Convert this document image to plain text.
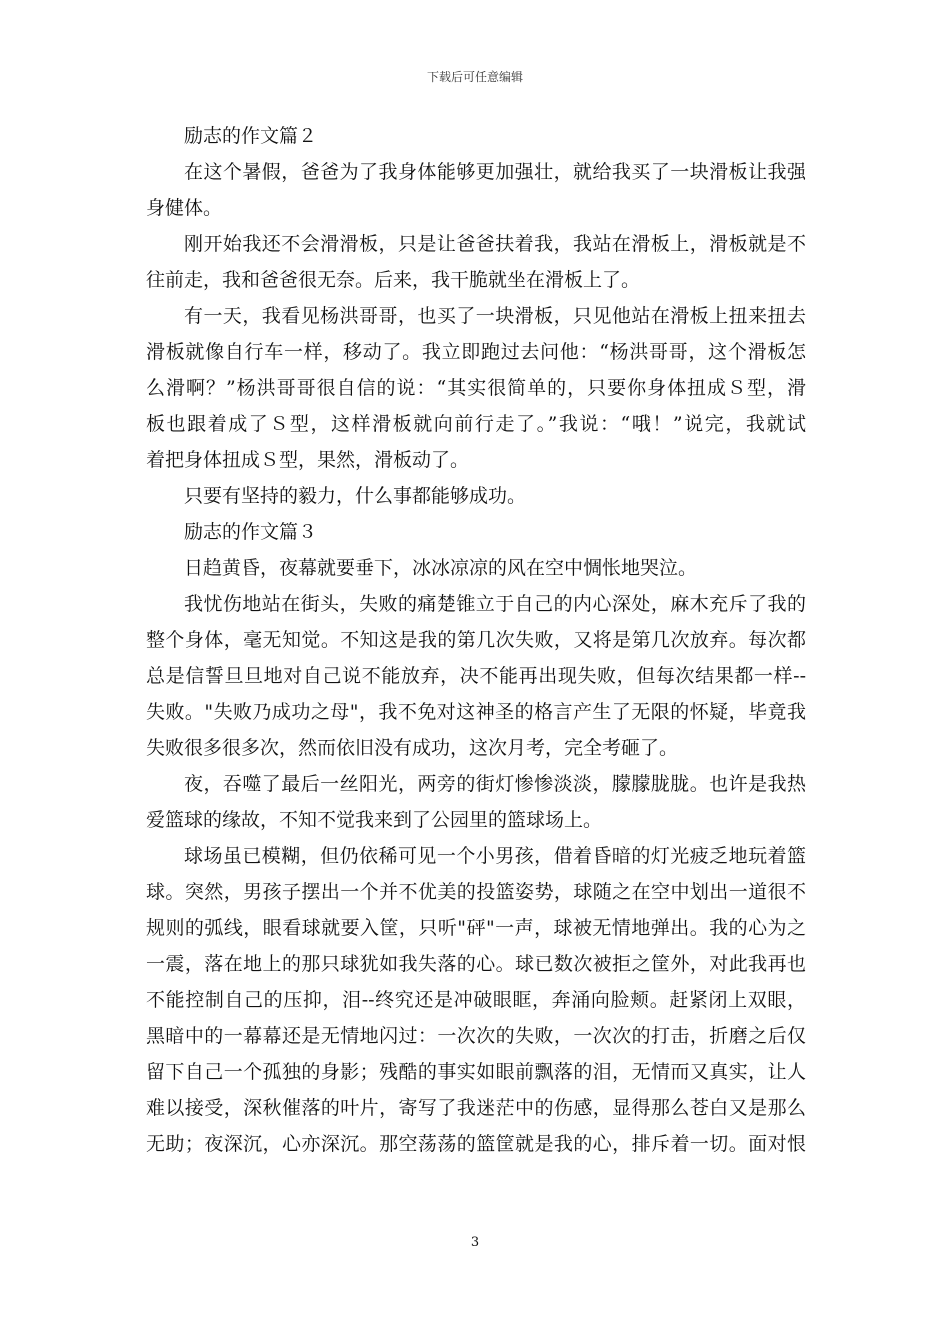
下载后可任意编辑
励志的作文篇２
在这个暑假，爸爸为了我身体能够更加强壮，就给我买了一块滑板让我强
身健体。
刚开始我还不会滑滑板，只是让爸爸扶着我，我站在滑板上，滑板就是不
往前走，我和爸爸很无奈。后来，我干脆就坐在滑板上了。
有一天，我看见杨洪哥哥，也买了一块滑板，只见他站在滑板上扭来扭去
滑板就像自行车一样，移动了。我立即跑过去问他：“杨洪哥哥，这个滑板怎
么滑啊？”杨洪哥哥很自信的说：“其实很简单的，只要你身体扭成Ｓ型，滑
板也跟着成了Ｓ型，这样滑板就向前行走了。”我说：“哦！”说完，我就试
着把身体扭成Ｓ型，果然，滑板动了。
只要有坚持的毅力，什么事都能够成功。
励志的作文篇３
日趋黄昏，夜幕就要垂下，冰冰凉凉的风在空中惆怅地哭泣。
我忧伤地站在街头，失败的痛楚锥立于自己的内心深处，麻木充斥了我的
整个身体，毫无知觉。不知这是我的第几次失败，又将是第几次放弃。每次都
总是信誓旦旦地对自己说不能放弃，决不能再出现失败，但每次结果都一样--
失败。"失败乃成功之母"，我不免对这神圣的格言产生了无限的怀疑，毕竟我
失败很多很多次，然而依旧没有成功，这次月考，完全考砸了。
夜，吞噬了最后一丝阳光，两旁的街灯惨惨淡淡，朦朦胧胧。也许是我热
爱篮球的缘故，不知不觉我来到了公园里的篮球场上。
球场虽已模糊，但仍依稀可见一个小男孩，借着昏暗的灯光疲乏地玩着篮
球。突然，男孩子摆出一个并不优美的投篮姿势，球随之在空中划出一道很不
规则的弧线，眼看球就要入筐，只听"砰"一声，球被无情地弹出。我的心为之
一震，落在地上的那只球犹如我失落的心。球已数次被拒之筐外，对此我再也
不能控制自己的压抑，泪--终究还是冲破眼眶，奔涌向脸颊。赶紧闭上双眼，
黑暗中的一幕幕还是无情地闪过：一次次的失败，一次次的打击，折磨之后仅
留下自己一个孤独的身影；残酷的事实如眼前飘落的泪，无情而又真实，让人
难以接受，深秋催落的叶片，寄写了我迷茫中的伤感，显得那么苍白又是那么
无助；夜深沉，心亦深沉。那空荡荡的篮筐就是我的心，排斥着一切。面对恨
3
